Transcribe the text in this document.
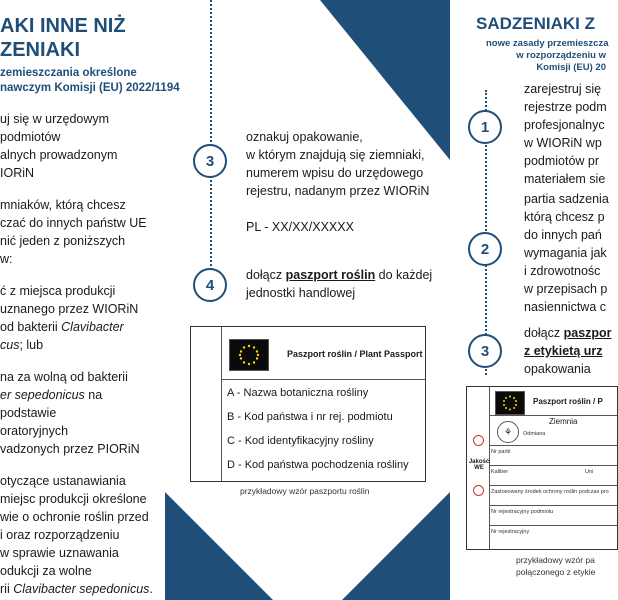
AKI INNE NIŻ
ZENIAKI
zemieszczania określone
nawczym Komisji (EU) 2022/1194
uj się w urzędowym
podmiotów
alnych prowadzonym
IORiN
mniaków, którą chcesz
czać do innych państw UE
nić jeden z poniższych
w:
ć z miejsca produkcji
uznanego przez WIORiN
od bakterii Clavibacter
cus; lub
na za wolną od bakterii
er sepedonicus na podstawie
oratoryjnych
vadzonych przez PIORiN
otyczące ustanawiania
miejsc produkcji określone
wie o ochronie roślin przed
i oraz rozporządzeniu
w sprawie uznawania
odukcji za wolne
rii Clavibacter sepedonicus.
3
oznakuj opakowanie,
w którym znajdują się ziemniaki,
numerem wpisu do urzędowego
rejestru, nadanym przez WIORiN
PL - XX/XX/XXXXX
4
dołącz paszport roślin do każdej
jednostki handlowej
Paszport roślin / Plant Passport
A - Nazwa botaniczna rośliny
B - Kod państwa i nr rej. podmiotu
C - Kod identyfikacyjny rośliny
D - Kod państwa pochodzenia rośliny
przykładowy wzór paszportu roślin
SADZENIAKI Z
nowe zasady przemieszcza
w rozporządzeniu w
Komisji (EU) 20
1
zarejestruj się
rejestrze podm
profesjonalnyc
w WIORiN wp
podmiotów pr
materiałem sie
2
partia sadzenia
którą chcesz p
do innych pań
wymagania jak
i zdrowotnośc
w przepisach p
nasiennictwa c
3
dołącz paszpor
z etykietą urz
opakowania
Paszport roślin / P
⚘
Ziemnia
Odmiana
Nr partii
Jakość WE
Kaliber	Uni
Zastosowany środek ochrony roślin podczas pro
Nr rejestracyjny podmiotu
Nr rejestracyjny
przykładowy wzór pa
połączonego z etykie
